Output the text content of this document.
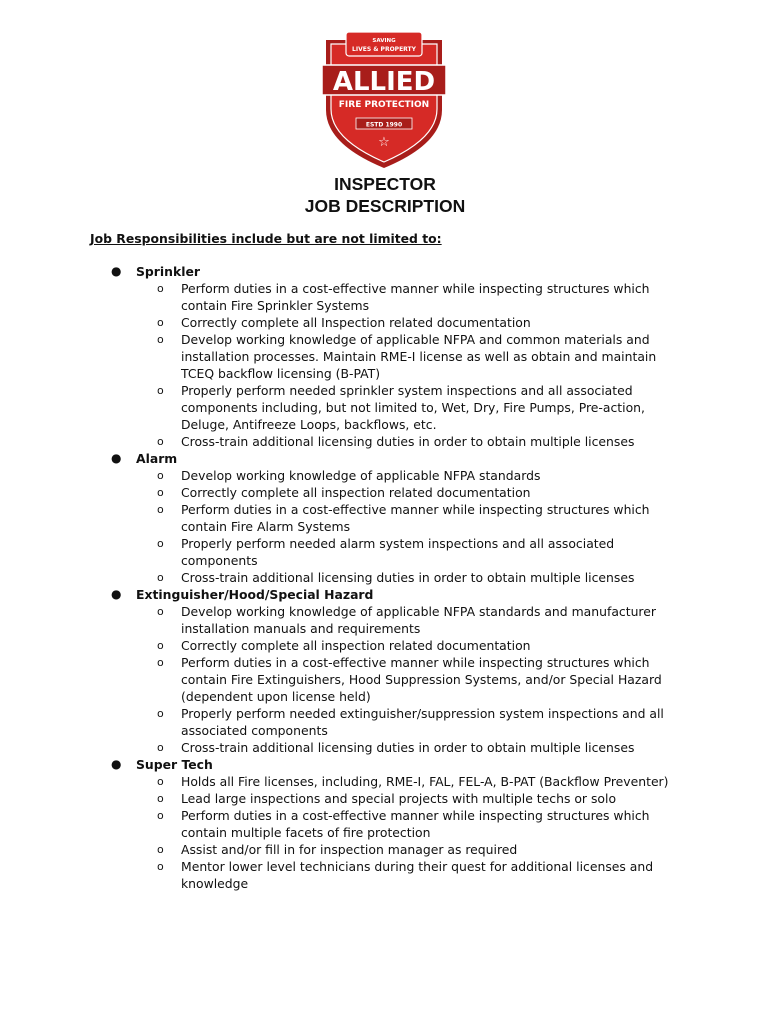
SAVING
LIVES & PROPERTY
ALLIED
FIRE PROTECTION
ESTD 1990
☆
INSPECTOR
JOB DESCRIPTION
Job Responsibilities include but are not limited to:
● Sprinkler
o Perform duties in a cost-effective manner while inspecting structures which contain Fire Sprinkler Systems
o Correctly complete all Inspection related documentation
o Develop working knowledge of applicable NFPA and common materials and installation processes. Maintain RME-I license as well as obtain and maintain TCEQ backflow licensing (B-PAT)
o Properly perform needed sprinkler system inspections and all associated components including, but not limited to, Wet, Dry, Fire Pumps, Pre-action, Deluge, Antifreeze Loops, backflows, etc.
o Cross-train additional licensing duties in order to obtain multiple licenses
● Alarm
o Develop working knowledge of applicable NFPA standards
o Correctly complete all inspection related documentation
o Perform duties in a cost-effective manner while inspecting structures which contain Fire Alarm Systems
o Properly perform needed alarm system inspections and all associated components
o Cross-train additional licensing duties in order to obtain multiple licenses
● Extinguisher/Hood/Special Hazard
o Develop working knowledge of applicable NFPA standards and manufacturer installation manuals and requirements
o Correctly complete all inspection related documentation
o Perform duties in a cost-effective manner while inspecting structures which contain Fire Extinguishers, Hood Suppression Systems, and/or Special Hazard (dependent upon license held)
o Properly perform needed extinguisher/suppression system inspections and all associated components
o Cross-train additional licensing duties in order to obtain multiple licenses
● Super Tech
o Holds all Fire licenses, including, RME-I, FAL, FEL-A, B-PAT (Backflow Preventer)
o Lead large inspections and special projects with multiple techs or solo
o Perform duties in a cost-effective manner while inspecting structures which contain multiple facets of fire protection
o Assist and/or fill in for inspection manager as required
o Mentor lower level technicians during their quest for additional licenses and knowledge
